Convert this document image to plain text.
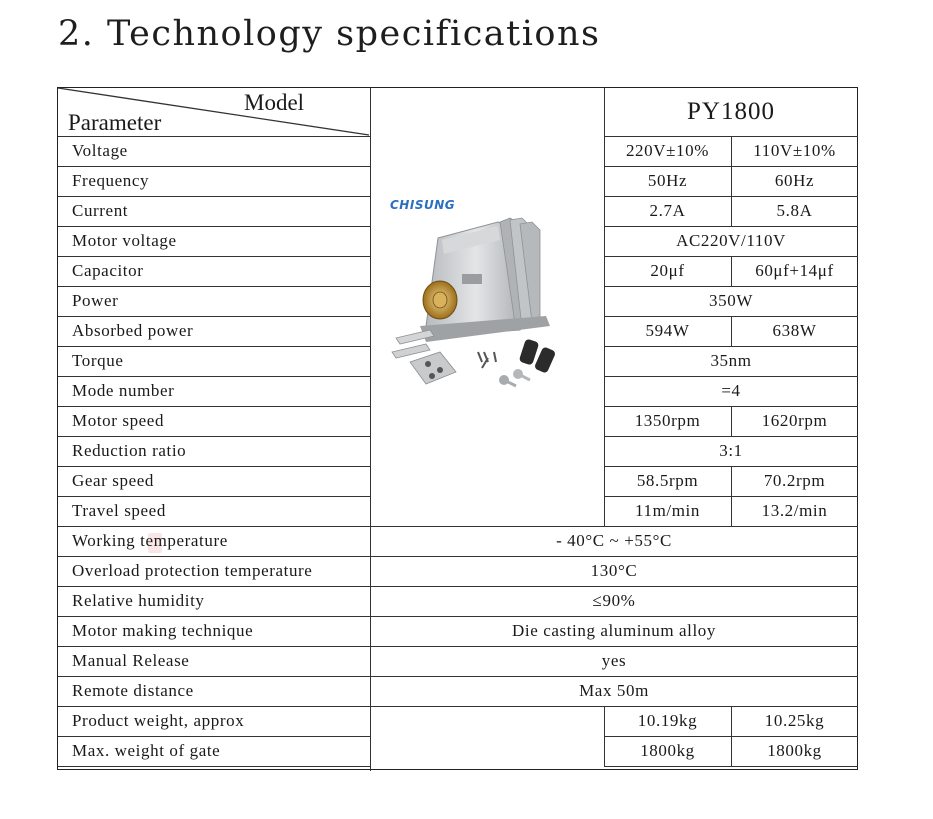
2. Technology specifications
Model
Parameter	PY1800
CHISUNG
Voltage	220V±10%	110V±10%
Frequency	50Hz	60Hz
Current	2.7A	5.8A
Motor voltage	AC220V/110V
Capacitor	20μf	60μf+14μf
Power	350W
Absorbed power	594W	638W
Torque	35nm
Mode number	=4
Motor speed	1350rpm	1620rpm
Reduction ratio	3:1
Gear speed	58.5rpm	70.2rpm
Travel speed	11m/min	13.2/min
Working temperature	- 40°C ~ +55°C
Overload protection temperature	130°C
Relative humidity	≤90%
Motor making technique	Die casting aluminum alloy
Manual Release	yes
Remote distance	Max 50m
Product weight, approx	10.19kg	10.25kg
Max. weight of gate	1800kg	1800kg
